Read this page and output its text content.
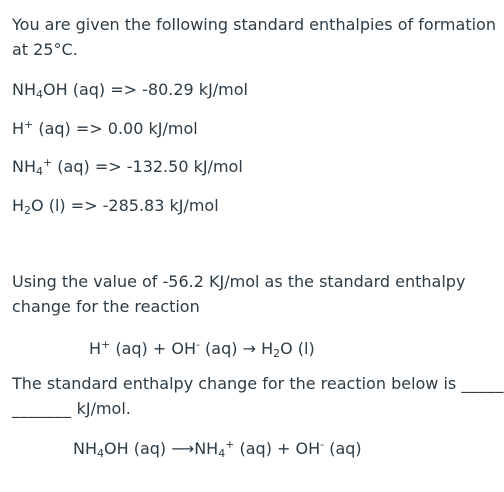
You are given the following standard enthalpies of formation
at 25°C.
$NH_4OH$ (aq) => -80.29 kJ/mol
H+ (aq) => 0.00 kJ/mol
$NH_4^+$ (aq) => -132.50 kJ/mol
$H_2O$ (l) => -285.83 kJ/mol
Using the value of -56.2 KJ/mol as the standard enthalpy
change for the reaction
H+ (aq) + OH- $(aq) \to H_2O$ (l)
The standard enthalpy change for the reaction below is _____
_______ kJ/mol.
$NH_4OH$ (aq) $⟶NH_4^+$ (aq) + OH- (aq)
